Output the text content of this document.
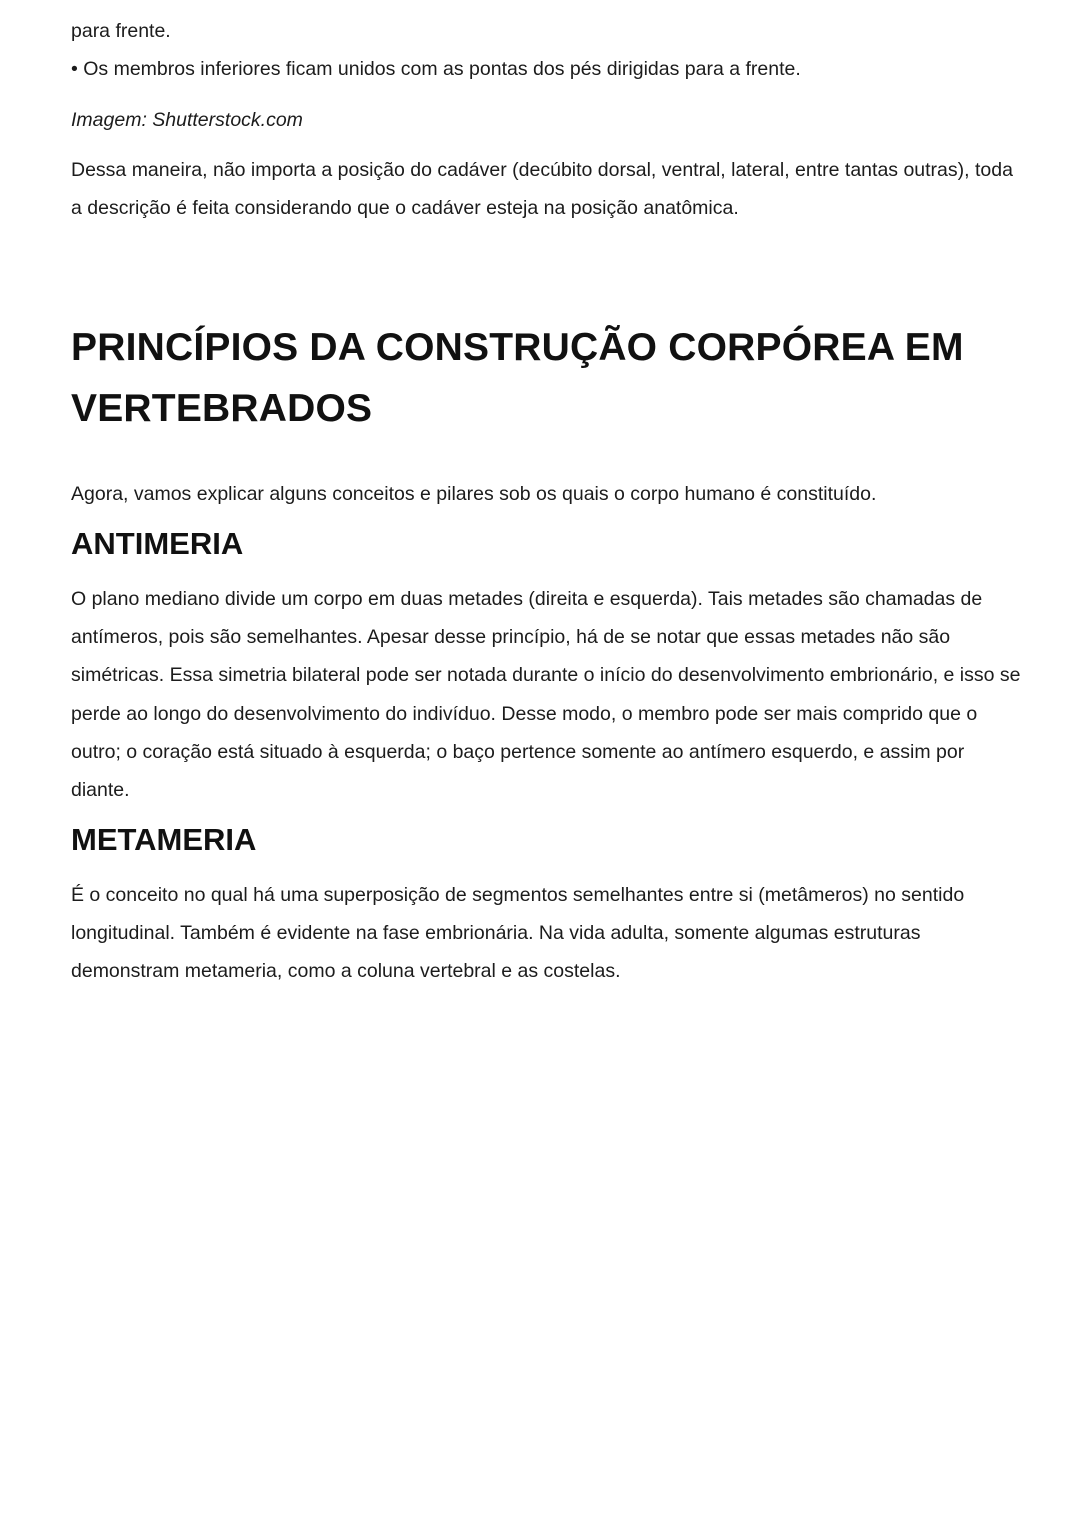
para frente.
• Os membros inferiores ficam unidos com as pontas dos pés dirigidas para a frente.
Imagem: Shutterstock.com
Dessa maneira, não importa a posição do cadáver (decúbito dorsal, ventral, lateral, entre tantas outras), toda a descrição é feita considerando que o cadáver esteja na posição anatômica.
PRINCÍPIOS DA CONSTRUÇÃO CORPÓREA EM VERTEBRADOS
Agora, vamos explicar alguns conceitos e pilares sob os quais o corpo humano é constituído.
ANTIMERIA
O plano mediano divide um corpo em duas metades (direita e esquerda). Tais metades são chamadas de antímeros, pois são semelhantes. Apesar desse princípio, há de se notar que essas metades não são simétricas. Essa simetria bilateral pode ser notada durante o início do desenvolvimento embrionário, e isso se perde ao longo do desenvolvimento do indivíduo. Desse modo, o membro pode ser mais comprido que o outro; o coração está situado à esquerda; o baço pertence somente ao antímero esquerdo, e assim por diante.
METAMERIA
É o conceito no qual há uma superposição de segmentos semelhantes entre si (metâmeros) no sentido longitudinal. Também é evidente na fase embrionária. Na vida adulta, somente algumas estruturas demonstram metameria, como a coluna vertebral e as costelas.
